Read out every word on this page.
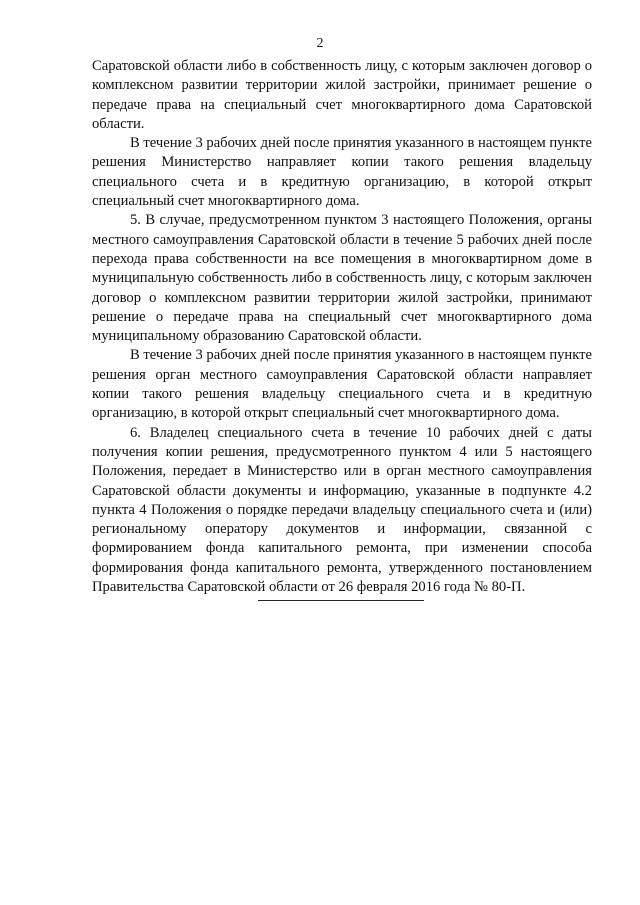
2

Саратовской области либо в собственность лицу, с которым заключен договор о комплексном развитии территории жилой застройки, принимает решение о передаче права на специальный счет многоквартирного дома Саратовской области.

В течение 3 рабочих дней после принятия указанного в настоящем пункте решения Министерство направляет копии такого решения владельцу специального счета и в кредитную организацию, в которой открыт специальный счет многоквартирного дома.

5. В случае, предусмотренном пунктом 3 настоящего Положения, органы местного самоуправления Саратовской области в течение 5 рабочих дней после перехода права собственности на все помещения в многоквартирном доме в муниципальную собственность либо в собственность лицу, с которым заключен договор о комплексном развитии территории жилой застройки, принимают решение о передаче права на специальный счет многоквартирного дома муниципальному образованию Саратовской области.

В течение 3 рабочих дней после принятия указанного в настоящем пункте решения орган местного самоуправления Саратовской области направляет копии такого решения владельцу специального счета и в кредитную организацию, в которой открыт специальный счет многоквартирного дома.

6. Владелец специального счета в течение 10 рабочих дней с даты получения копии решения, предусмотренного пунктом 4 или 5 настоящего Положения, передает в Министерство или в орган местного самоуправления Саратовской области документы и информацию, указанные в подпункте 4.2 пункта 4 Положения о порядке передачи владельцу специального счета и (или) региональному оператору документов и информации, связанной с формированием фонда капитального ремонта, при изменении способа формирования фонда капитального ремонта, утвержденного постановлением Правительства Саратовской области от 26 февраля 2016 года № 80-П.
